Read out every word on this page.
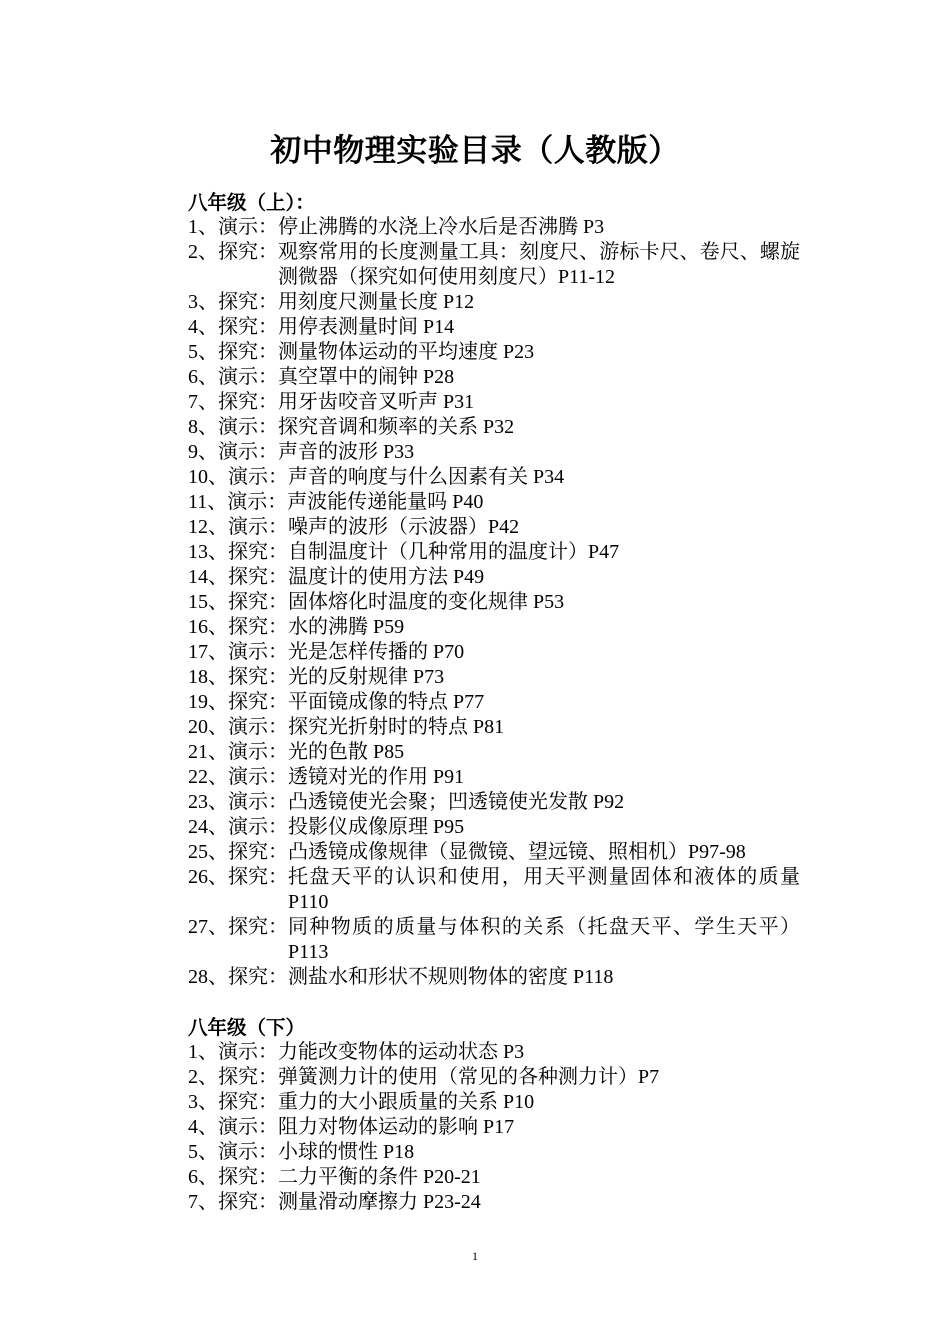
初中物理实验目录（人教版）
八年级（上）：
1、演示： 停止沸腾的水浇上冷水后是否沸腾 P3
2、探究： 观察常用的长度测量工具：刻度尺、游标卡尺、卷尺、螺旋测微器（探究如何使用刻度尺）P11-12
3、探究： 用刻度尺测量长度 P12
4、探究： 用停表测量时间 P14
5、探究： 测量物体运动的平均速度 P23
6、演示： 真空罩中的闹钟 P28
7、探究： 用牙齿咬音叉听声 P31
8、演示： 探究音调和频率的关系 P32
9、演示： 声音的波形 P33
10、演示： 声音的响度与什么因素有关 P34
11、演示： 声波能传递能量吗 P40
12、演示： 噪声的波形（示波器）P42
13、探究： 自制温度计（几种常用的温度计）P47
14、探究： 温度计的使用方法 P49
15、探究： 固体熔化时温度的变化规律 P53
16、探究： 水的沸腾 P59
17、演示： 光是怎样传播的 P70
18、探究： 光的反射规律 P73
19、探究： 平面镜成像的特点 P77
20、演示： 探究光折射时的特点 P81
21、演示： 光的色散 P85
22、演示： 透镜对光的作用 P91
23、演示： 凸透镜使光会聚；凹透镜使光发散 P92
24、演示： 投影仪成像原理 P95
25、探究： 凸透镜成像规律（显微镜、望远镜、照相机）P97-98
26、探究： 托盘天平的认识和使用，用天平测量固体和液体的质量 P110
27、探究： 同种物质的质量与体积的关系（托盘天平、学生天平）P113
28、探究： 测盐水和形状不规则物体的密度 P118
八年级（下）
1、演示： 力能改变物体的运动状态 P3
2、探究： 弹簧测力计的使用（常见的各种测力计）P7
3、探究： 重力的大小跟质量的关系 P10
4、演示： 阻力对物体运动的影响 P17
5、演示： 小球的惯性 P18
6、探究： 二力平衡的条件 P20-21
7、探究： 测量滑动摩擦力 P23-24
1
